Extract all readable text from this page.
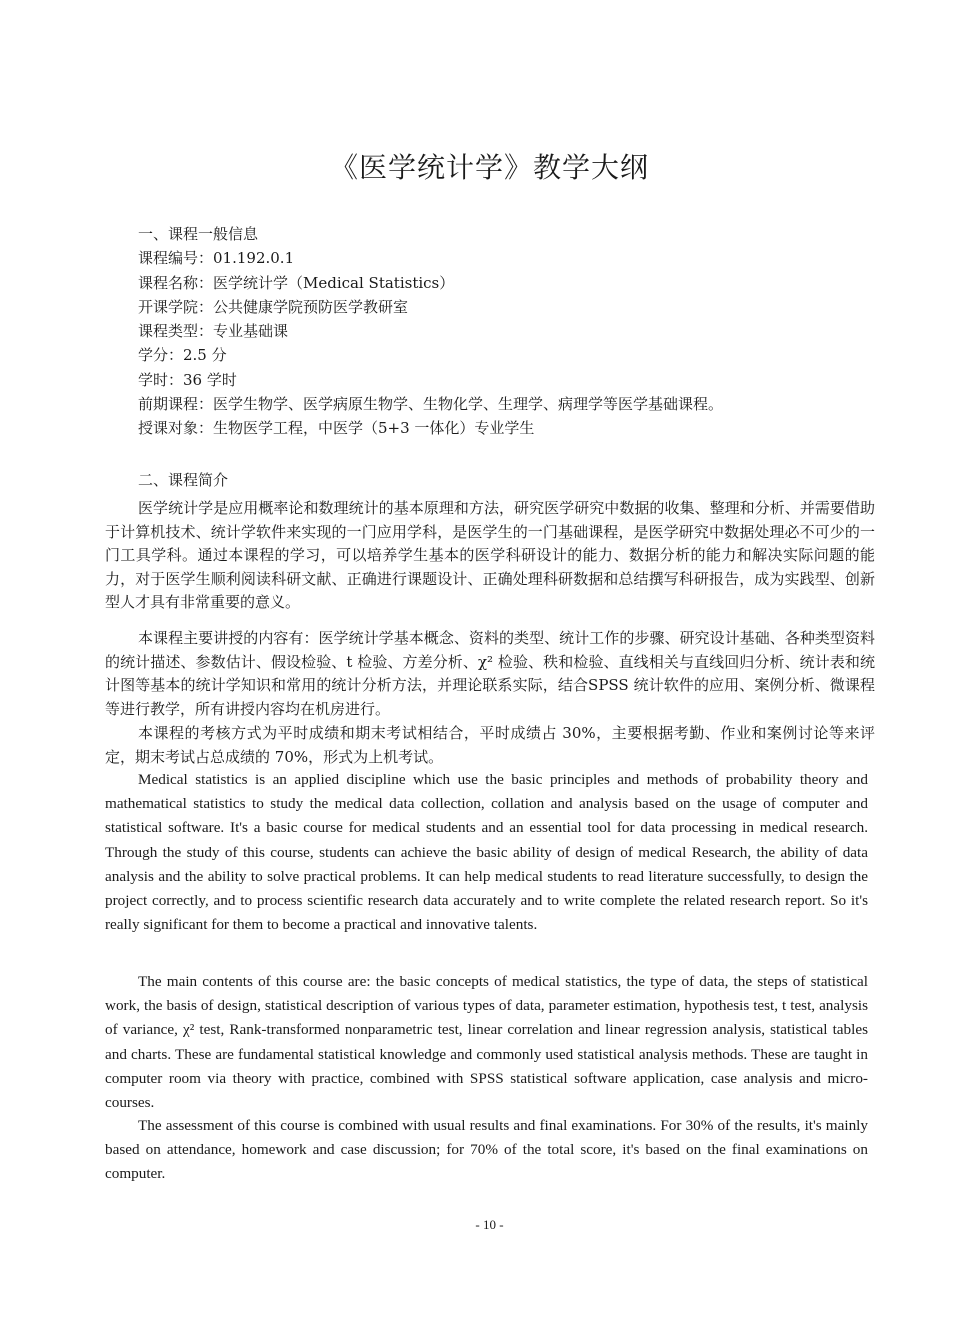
《医学统计学》教学大纲
一、课程一般信息
课程编号：01.192.0.1
课程名称：医学统计学（Medical Statistics）
开课学院：公共健康学院预防医学教研室
课程类型：专业基础课
学分：2.5 分
学时：36 学时
前期课程：医学生物学、医学病原生物学、生物化学、生理学、病理学等医学基础课程。
授课对象：生物医学工程，中医学（5+3 一体化）专业学生
二、课程简介
医学统计学是应用概率论和数理统计的基本原理和方法，研究医学研究中数据的收集、整理和分析、并需要借助于计算机技术、统计学软件来实现的一门应用学科，是医学生的一门基础课程，是医学研究中数据处理必不可少的一门工具学科。通过本课程的学习，可以培养学生基本的医学科研设计的能力、数据分析的能力和解决实际问题的能力，对于医学生顺利阅读科研文献、正确进行课题设计、正确处理科研数据和总结撰写科研报告，成为实践型、创新型人才具有非常重要的意义。
本课程主要讲授的内容有：医学统计学基本概念、资料的类型、统计工作的步骤、研究设计基础、各种类型资料的统计描述、参数估计、假设检验、t 检验、方差分析、χ² 检验、秩和检验、直线相关与直线回归分析、统计表和统计图等基本的统计学知识和常用的统计分析方法，并理论联系实际，结合SPSS 统计软件的应用、案例分析、微课程等进行教学，所有讲授内容均在机房进行。
本课程的考核方式为平时成绩和期末考试相结合，平时成绩占 30%，主要根据考勤、作业和案例讨论等来评定，期末考试占总成绩的 70%，形式为上机考试。
Medical statistics is an applied discipline which use the basic principles and methods of probability theory and mathematical statistics to study the medical data collection, collation and analysis based on the usage of computer and statistical software. It's a basic course for medical students and an essential tool for data processing in medical research. Through the study of this course, students can achieve the basic ability of design of medical Research, the ability of data analysis and the ability to solve practical problems. It can help medical students to read literature successfully, to design the project correctly, and to process scientific research data accurately and to write complete the related research report. So it's really significant for them to become a practical and innovative talents.
The main contents of this course are: the basic concepts of medical statistics, the type of data, the steps of statistical work, the basis of design, statistical description of various types of data, parameter estimation, hypothesis test, t test, analysis of variance, χ² test, Rank-transformed nonparametric test, linear correlation and linear regression analysis, statistical tables and charts. These are fundamental statistical knowledge and commonly used statistical analysis methods. These are taught in computer room via theory with practice, combined with SPSS statistical software application, case analysis and micro-courses.
The assessment of this course is combined with usual results and final examinations. For 30% of the results, it's mainly based on attendance, homework and case discussion; for 70% of the total score, it's based on the final examinations on computer.
- 10 -
